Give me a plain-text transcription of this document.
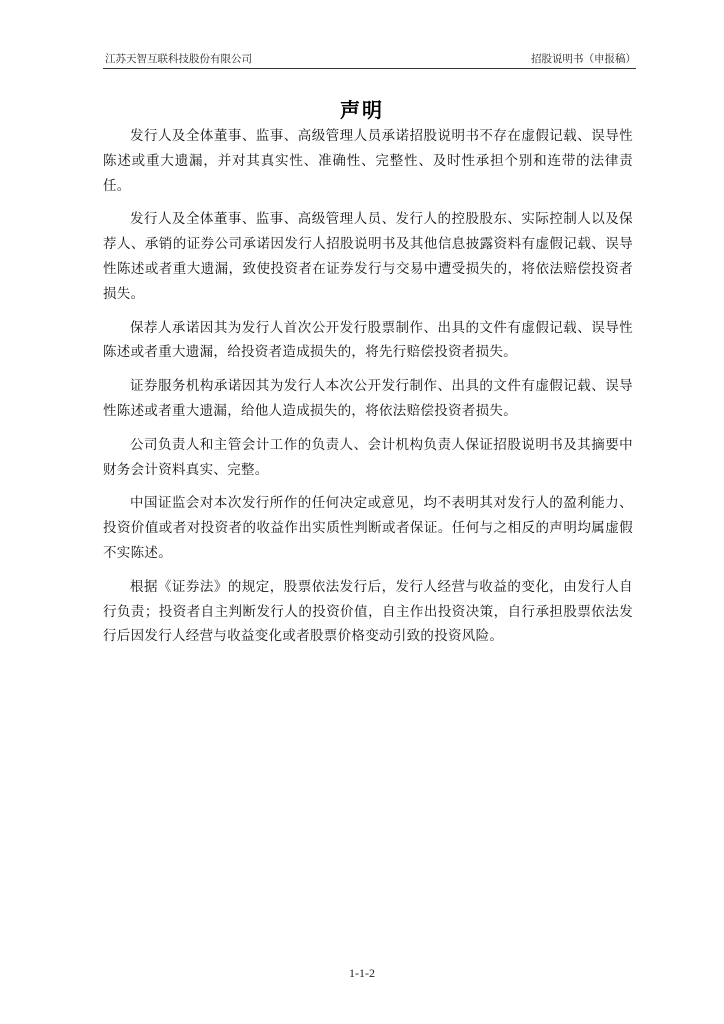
江苏天智互联科技股份有限公司	招股说明书（申报稿）
声明

发行人及全体董事、监事、高级管理人员承诺招股说明书不存在虚假记载、误导性陈述或重大遗漏，并对其真实性、准确性、完整性、及时性承担个别和连带的法律责任。

发行人及全体董事、监事、高级管理人员、发行人的控股股东、实际控制人以及保荐人、承销的证券公司承诺因发行人招股说明书及其他信息披露资料有虚假记载、误导性陈述或者重大遗漏，致使投资者在证券发行与交易中遭受损失的，将依法赔偿投资者损失。

保荐人承诺因其为发行人首次公开发行股票制作、出具的文件有虚假记载、误导性陈述或者重大遗漏，给投资者造成损失的，将先行赔偿投资者损失。

证券服务机构承诺因其为发行人本次公开发行制作、出具的文件有虚假记载、误导性陈述或者重大遗漏，给他人造成损失的，将依法赔偿投资者损失。

公司负责人和主管会计工作的负责人、会计机构负责人保证招股说明书及其摘要中财务会计资料真实、完整。

中国证监会对本次发行所作的任何决定或意见，均不表明其对发行人的盈利能力、投资价值或者对投资者的收益作出实质性判断或者保证。任何与之相反的声明均属虚假不实陈述。

根据《证券法》的规定，股票依法发行后，发行人经营与收益的变化，由发行人自行负责；投资者自主判断发行人的投资价值，自主作出投资决策，自行承担股票依法发行后因发行人经营与收益变化或者股票价格变动引致的投资风险。

1-1-2
